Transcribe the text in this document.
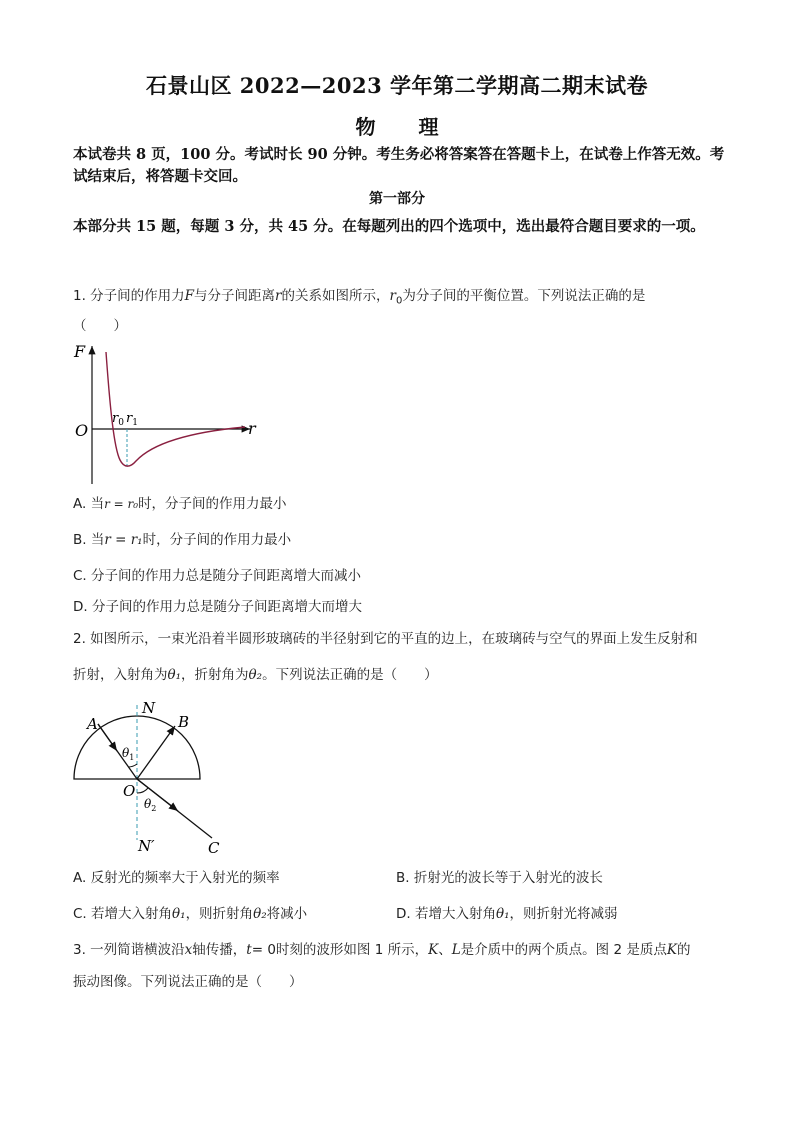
石景山区 2022—2023 学年第二学期高二期末试卷
物 理
本试卷共 8 页，100 分。考试时长 90 分钟。考生务必将答案答在答题卡上，在试卷上作答无效。考试结束后，将答题卡交回。
第一部分
本部分共 15 题，每题 3 分，共 45 分。在每题列出的四个选项中，选出最符合题目要求的一项。
1. 分子间的作用力F与分子间距离r的关系如图所示，$r_0$为分子间的平衡位置。下列说法正确的是
（　　）
F
O	r
$r_0$ $r_1$
A. 当r = r₀时，分子间的作用力最小
B. 当r = r₁时，分子间的作用力最小
C. 分子间的作用力总是随分子间距离增大而减小
D. 分子间的作用力总是随分子间距离增大而增大
2. 如图所示，一束光沿着半圆形玻璃砖的半径射到它的平直的边上，在玻璃砖与空气的界面上发生反射和
折射，入射角为θ₁，折射角为θ₂。下列说法正确的是（　　）
A
N
B
O
C
N′
$\theta_1$
$\theta_2$
A. 反射光的频率大于入射光的频率	B. 折射光的波长等于入射光的波长
C. 若增大入射角θ₁，则折射角θ₂将减小	D. 若增大入射角θ₁，则折射光将减弱
3. 一列简谐横波沿x轴传播，t= 0时刻的波形如图 1 所示，K、L是介质中的两个质点。图 2 是质点K的
振动图像。下列说法正确的是（　　）
